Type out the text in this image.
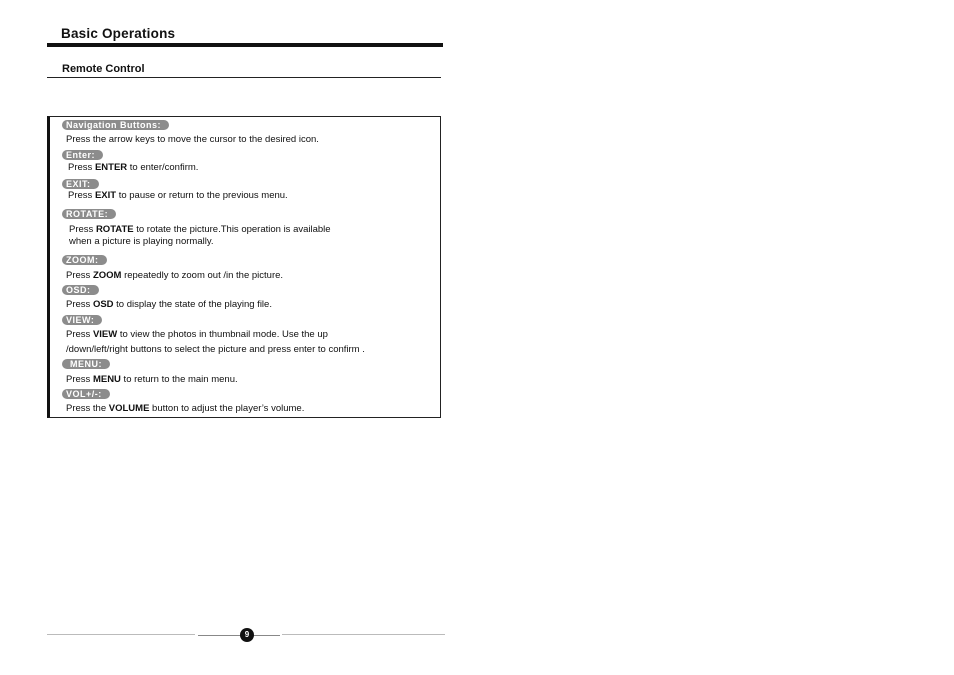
Basic Operations
Remote Control
Navigation Buttons:
Press the arrow keys to move the cursor to the desired icon.
Enter:
Press ENTER to enter/confirm.
EXIT:
Press EXIT to pause or return to the previous menu.
ROTATE:
Press ROTATE to rotate the picture.This operation is available
when a picture is playing normally.
ZOOM:
Press ZOOM repeatedly to zoom out /in the picture.
OSD:
Press OSD to display the state of the playing file.
VIEW:
Press VIEW to view the photos in thumbnail mode. Use the up
/down/left/right buttons to select the picture and press enter to confirm .
MENU:
Press MENU to return to the main menu.
VOL+/-:
Press the VOLUME button to adjust the player’s volume.
9
